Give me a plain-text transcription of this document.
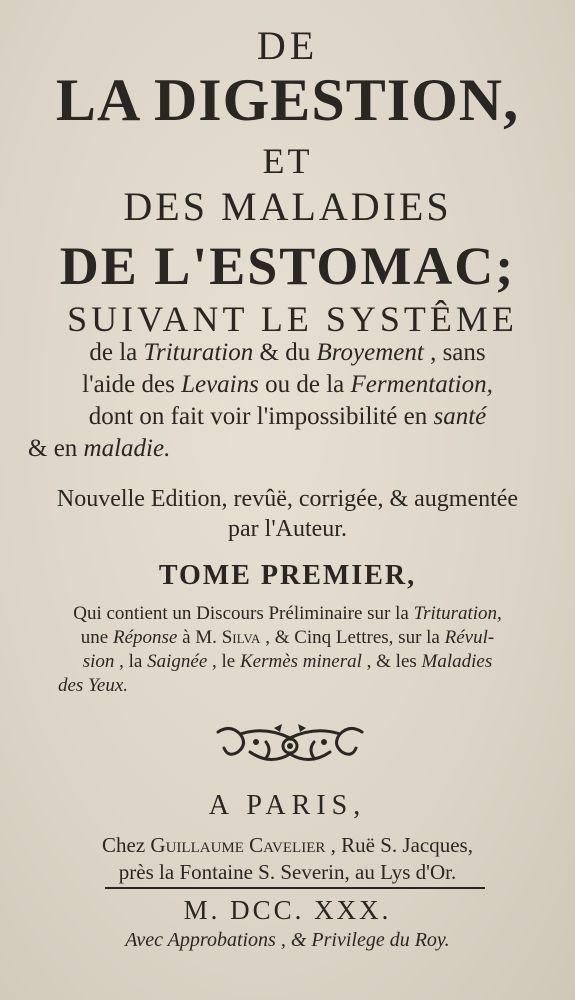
DE
LA DIGESTION,
ET
DES MALADIES
DE L'ESTOMAC;
SUIVANT LE SYSTÊME
de la Trituration & du Broyement , sans
l'aide des Levains ou de la Fermentation,
dont on fait voir l'impossibilité en santé
& en maladie.
Nouvelle Edition, revûë, corrigée, & augmentée
par l'Auteur.
TOME PREMIER,
Qui contient un Discours Préliminaire sur la Trituration,
une Réponse à M. Silva , & Cinq Lettres, sur la Révul-
sion , la Saignée , le Kermès mineral , & les Maladies
des Yeux.
A PARIS,
Chez Guillaume Cavelier , Ruë S. Jacques,
près la Fontaine S. Severin, au Lys d'Or.
M. DCC. XXX.
Avec Approbations , & Privilege du Roy.
